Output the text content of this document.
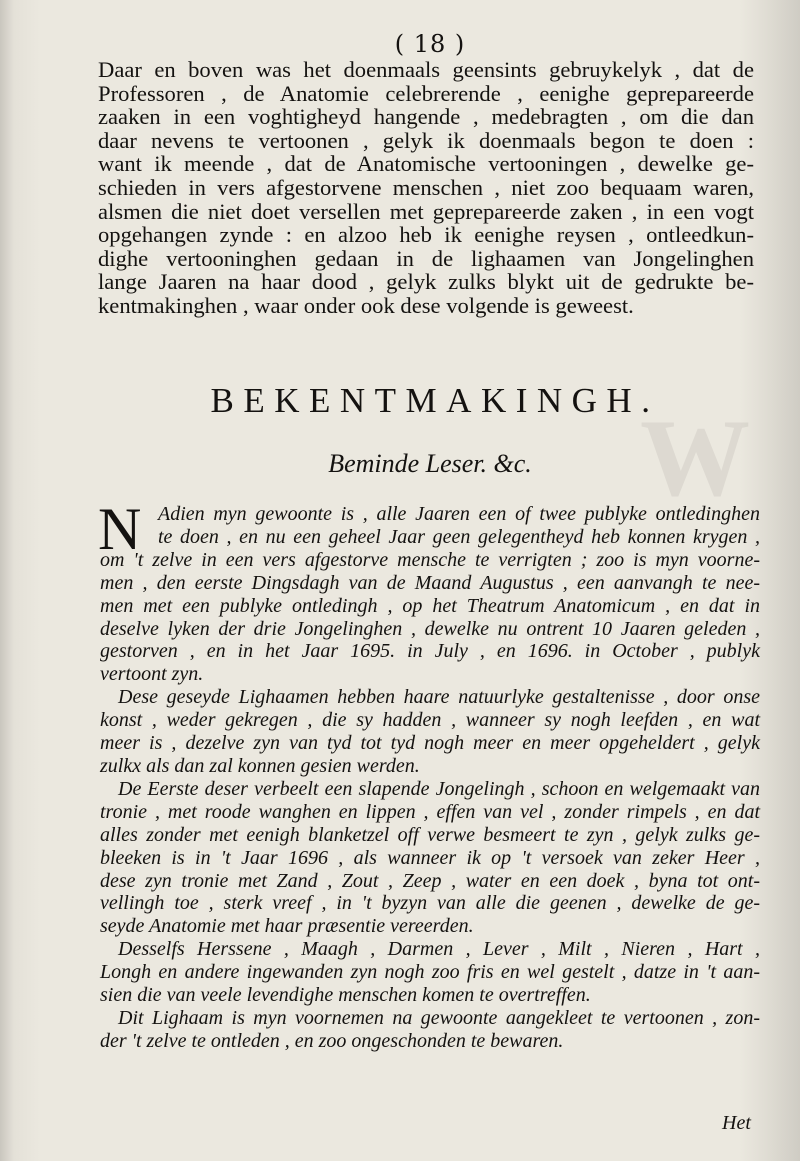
W
( 18 )
Daar en boven was het doenmaals geensints gebruykelyk , dat de
Professoren , de Anatomie celebrerende , eenighe geprepareerde
zaaken in een voghtigheyd hangende , medebragten , om die dan
daar nevens te vertoonen , gelyk ik doenmaals begon te doen :
want ik meende , dat de Anatomische vertooningen , dewelke ge-
schieden in vers afgestorvene menschen , niet zoo bequaam waren,
alsmen die niet doet versellen met geprepareerde zaken , in een vogt
opgehangen zynde : en alzoo heb ik eenighe reysen , ontleedkun-
dighe vertooninghen gedaan in de lighaamen van Jongelinghen
lange Jaaren na haar dood , gelyk zulks blykt uit de gedrukte be-
kentmakinghen , waar onder ook dese volgende is geweest.
BEKENTMAKINGH.
Beminde Leser. &c.
N Adien myn gewoonte is , alle Jaaren een of twee publyke ontledinghen
te doen , en nu een geheel Jaar geen gelegentheyd heb konnen krygen ,
om 't zelve in een vers afgestorve mensche te verrigten ; zoo is myn voorne-
men , den eerste Dingsdagh van de Maand Augustus , een aanvangh te nee-
men met een publyke ontledingh , op het Theatrum Anatomicum , en dat in
deselve lyken der drie Jongelinghen , dewelke nu ontrent 10 Jaaren geleden ,
gestorven , en in het Jaar 1695. in July , en 1696. in October , publyk
vertoont zyn.
Dese geseyde Lighaamen hebben haare natuurlyke gestaltenisse , door onse
konst , weder gekregen , die sy hadden , wanneer sy nogh leefden , en wat
meer is , dezelve zyn van tyd tot tyd nogh meer en meer opgeheldert , gelyk
zulkx als dan zal konnen gesien werden.
De Eerste deser verbeelt een slapende Jongelingh , schoon en welgemaakt van
tronie , met roode wanghen en lippen , effen van vel , zonder rimpels , en dat
alles zonder met eenigh blanketzel off verwe besmeert te zyn , gelyk zulks ge-
bleeken is in 't Jaar 1696 , als wanneer ik op 't versoek van zeker Heer ,
dese zyn tronie met Zand , Zout , Zeep , water en een doek , byna tot ont-
vellingh toe , sterk vreef , in 't byzyn van alle die geenen , dewelke de ge-
seyde Anatomie met haar præsentie vereerden.
Desselfs Herssene , Maagh , Darmen , Lever , Milt , Nieren , Hart ,
Longh en andere ingewanden zyn nogh zoo fris en wel gestelt , datze in 't aan-
sien die van veele levendighe menschen komen te overtreffen.
Dit Lighaam is myn voornemen na gewoonte aangekleet te vertoonen , zon-
der 't zelve te ontleden , en zoo ongeschonden te bewaren.
Het
